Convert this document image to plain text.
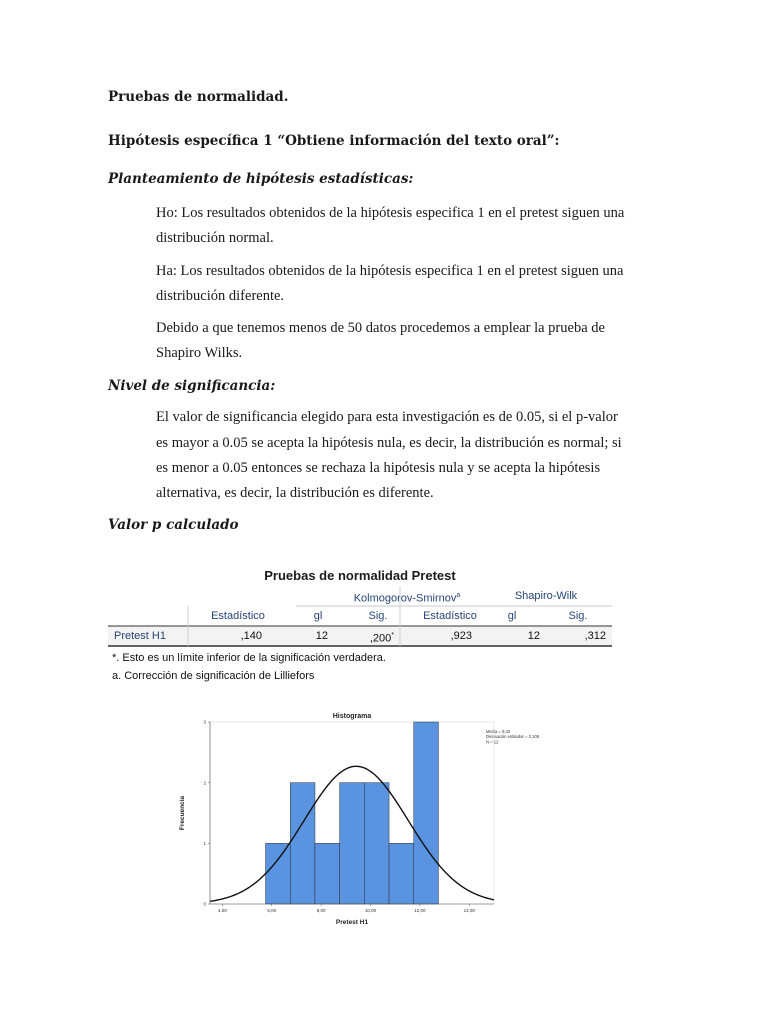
Pruebas de normalidad.
Hipótesis específica 1 “Obtiene información del texto oral”:
Planteamiento de hipótesis estadísticas:
Ho: Los resultados obtenidos de la hipótesis especifica 1 en el pretest siguen una
distribución normal.
Ha: Los resultados obtenidos de la hipótesis especifica 1 en el pretest siguen una
distribución diferente.
Debido a que tenemos menos de 50 datos procedemos a emplear la prueba de
Shapiro Wilks.
Nivel de significancia:
El valor de significancia elegido para esta investigación es de 0.05, si el p-valor
es mayor a 0.05 se acepta la hipótesis nula, es decir, la distribución es normal; si
es menor a 0.05 entonces se rechaza la hipótesis nula y se acepta la hipótesis
alternativa, es decir, la distribución es diferente.
Valor p calculado
Pruebas de normalidad Pretest
Kolmogorov-Smirnov$^a$	Shapiro-Wilk
Estadístico	gl	Sig.	Estadístico	gl	Sig.
Pretest H1	,140	12	,200*	,923	12	,312
*. Esto es un límite inferior de la significación verdadera.
a. Corrección de significación de Lilliefors
Histograma
Media = 9,42
Desviación estándar = 2,109
N = 12
4,00	6,00	8,00	10,00	12,00	14,00
0
1
2
3
Pretest H1
Frecuencia
